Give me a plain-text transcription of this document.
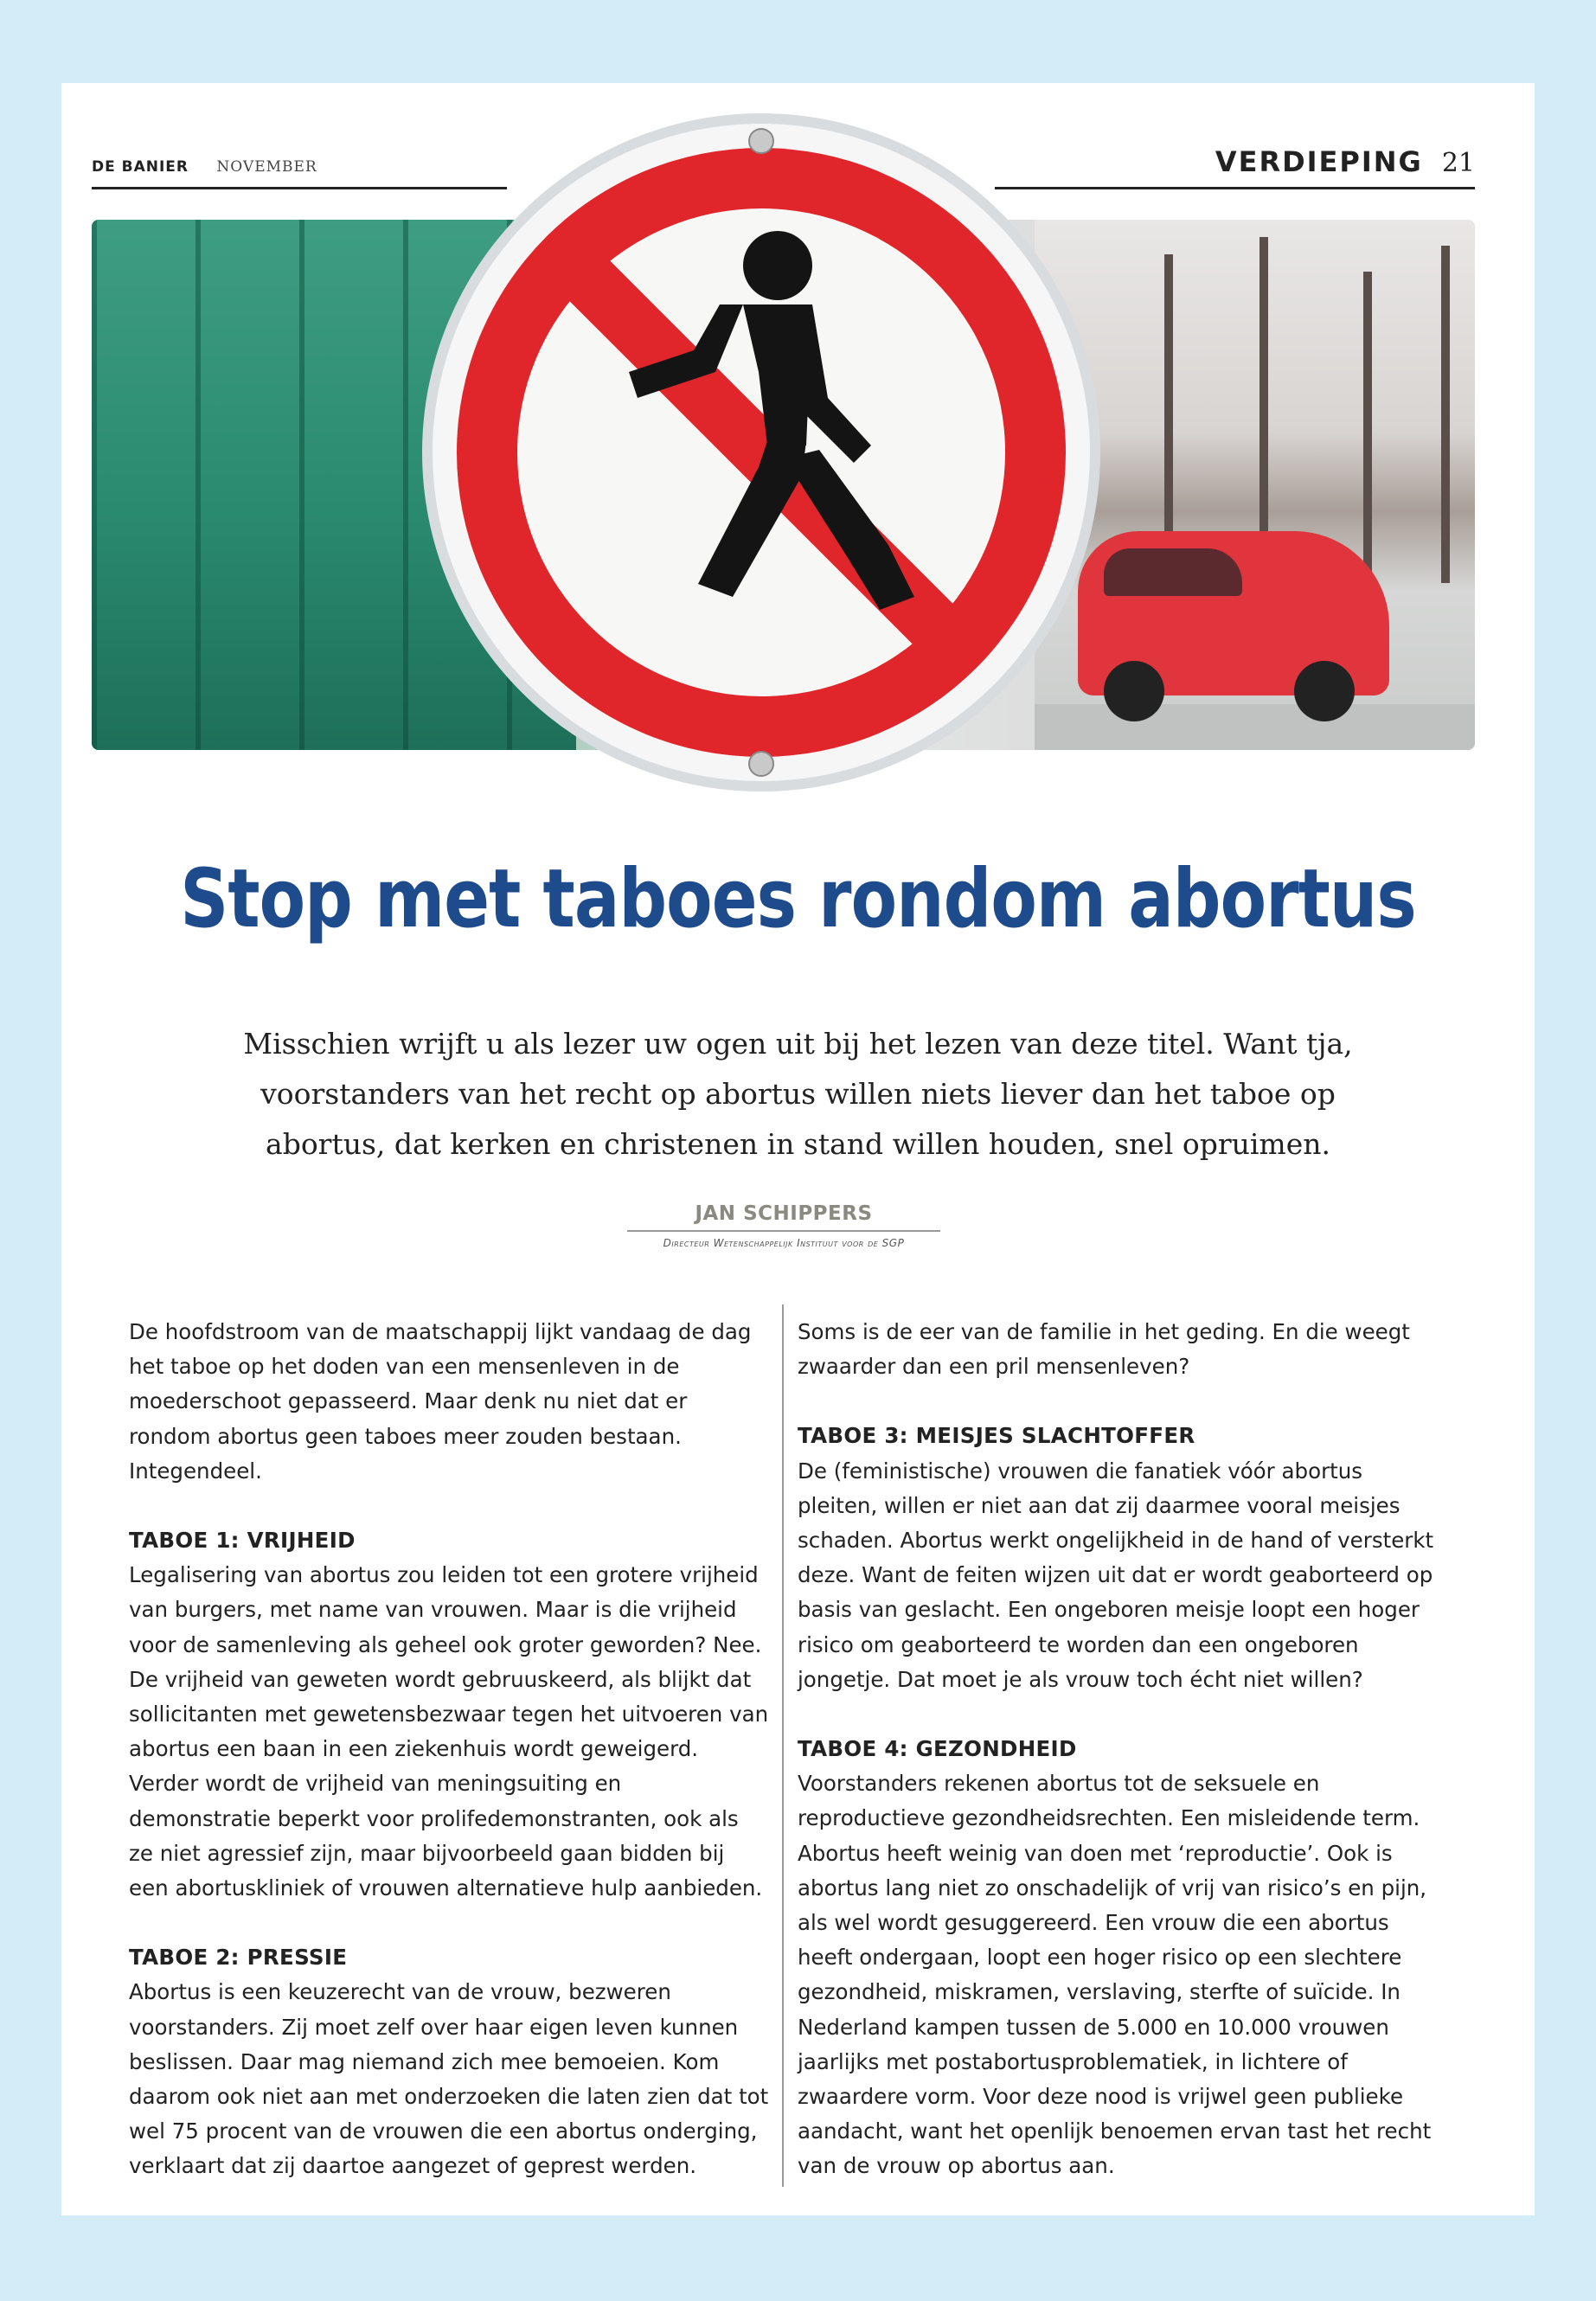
DE BANIER NOVEMBER	VERDIEPING 21
Stop met taboes rondom abortus
Misschien wrijft u als lezer uw ogen uit bij het lezen van deze titel. Want tja, voorstanders van het recht op abortus willen niets liever dan het taboe op abortus, dat kerken en christenen in stand willen houden, snel opruimen.
JAN SCHIPPERS
Directeur Wetenschappelijk Instituut voor de SGP

De hoofdstroom van de maatschappij lijkt vandaag de dag het taboe op het doden van een mensenleven in de moederschoot gepasseerd. Maar denk nu niet dat er rondom abortus geen taboes meer zouden bestaan. Integendeel.

TABOE 1: VRIJHEID

Legalisering van abortus zou leiden tot een grotere vrijheid van burgers, met name van vrouwen. Maar is die vrijheid voor de samenleving als geheel ook groter geworden? Nee. De vrijheid van geweten wordt gebruuskeerd, als blijkt dat sollicitanten met gewetensbezwaar tegen het uitvoeren van abortus een baan in een ziekenhuis wordt geweigerd. Verder wordt de vrijheid van meningsuiting en demonstratie beperkt voor prolifedemonstranten, ook als ze niet agressief zijn, maar bijvoorbeeld gaan bidden bij een abortuskliniek of vrouwen alternatieve hulp aanbieden.

TABOE 2: PRESSIE

Abortus is een keuzerecht van de vrouw, bezweren voorstanders. Zij moet zelf over haar eigen leven kunnen beslissen. Daar mag niemand zich mee bemoeien. Kom daarom ook niet aan met onderzoeken die laten zien dat tot wel 75 procent van de vrouwen die een abortus onderging, verklaart dat zij daartoe aangezet of geprest werden.

Soms is de eer van de familie in het geding. En die weegt zwaarder dan een pril mensenleven?

TABOE 3: MEISJES SLACHTOFFER

De (feministische) vrouwen die fanatiek vóór abortus pleiten, willen er niet aan dat zij daarmee vooral meisjes schaden. Abortus werkt ongelijkheid in de hand of versterkt deze. Want de feiten wijzen uit dat er wordt geaborteerd op basis van geslacht. Een ongeboren meisje loopt een hoger risico om geaborteerd te worden dan een ongeboren jongetje. Dat moet je als vrouw toch écht niet willen?

TABOE 4: GEZONDHEID

Voorstanders rekenen abortus tot de seksuele en reproductieve gezondheidsrechten. Een misleidende term. Abortus heeft weinig van doen met ‘reproductie’. Ook is abortus lang niet zo onschadelijk of vrij van risico’s en pijn, als wel wordt gesuggereerd. Een vrouw die een abortus heeft ondergaan, loopt een hoger risico op een slechtere gezondheid, miskramen, verslaving, sterfte of suïcide. In Nederland kampen tussen de 5.000 en 10.000 vrouwen jaarlijks met postabortusproblematiek, in lichtere of zwaardere vorm. Voor deze nood is vrijwel geen publieke aandacht, want het openlijk benoemen ervan tast het recht van de vrouw op abortus aan.
